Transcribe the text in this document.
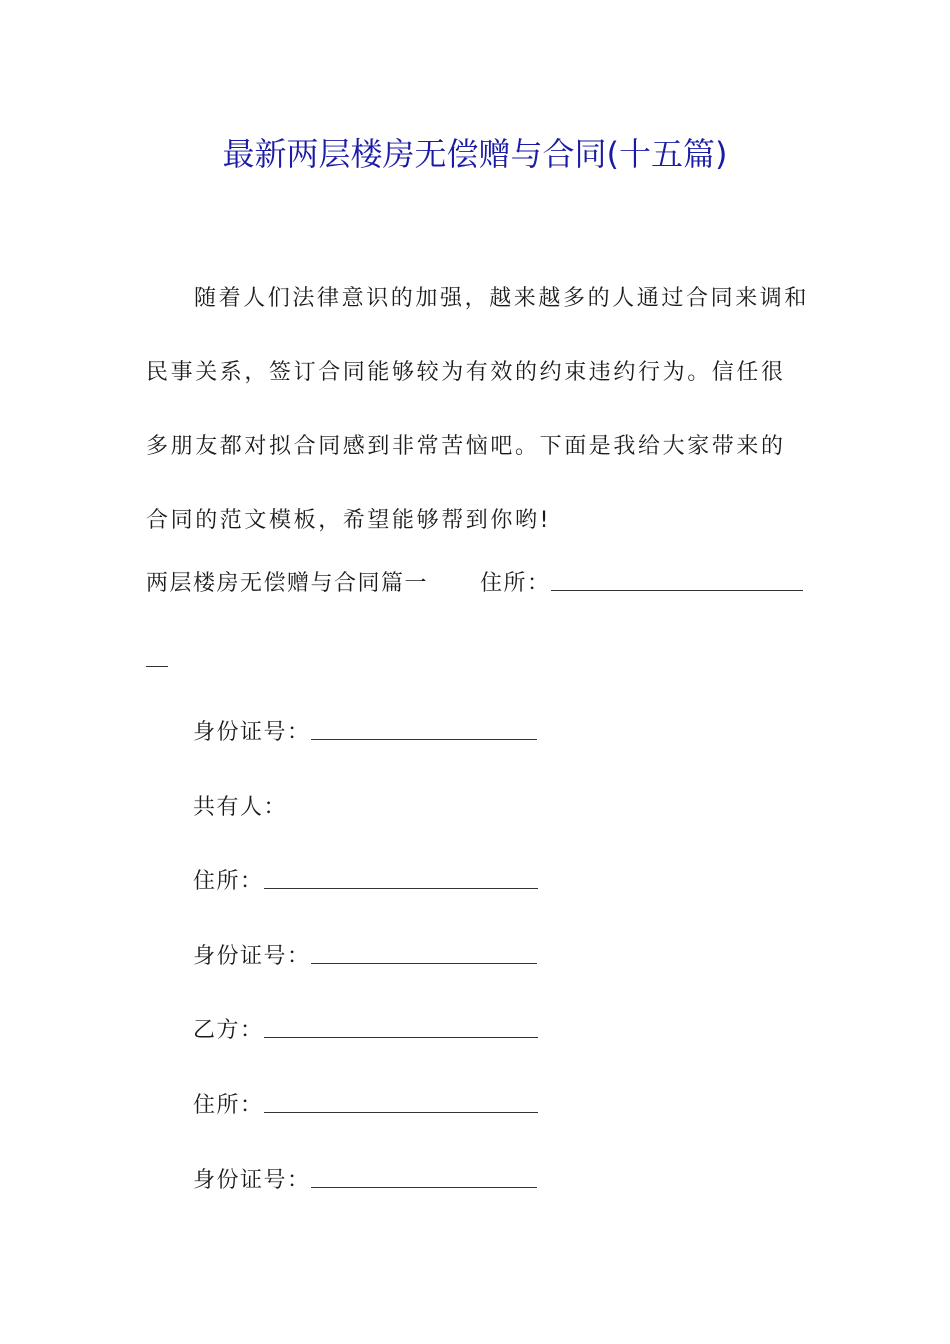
最新两层楼房无偿赠与合同(十五篇)

随着人们法律意识的加强，越来越多的人通过合同来调和民事关系，签订合同能够较为有效的约束违约行为。信任很多朋友都对拟合同感到非常苦恼吧。下面是我给大家带来的合同的范文模板，希望能够帮到你哟!

两层楼房无偿赠与合同篇一 住所：
身份证号：
共有人：
住所：
身份证号：
乙方：
住所：
身份证号：
